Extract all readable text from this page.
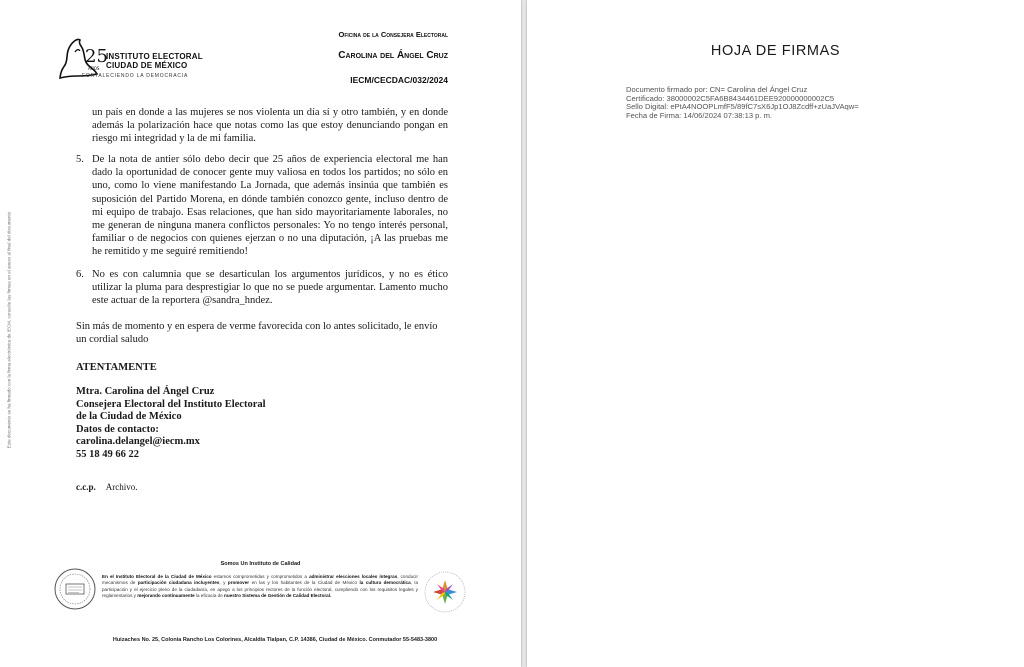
Este documento se ha firmado con la firma electrónica de IECM, consulte las firmas en el anexo al final del documento
25
AÑOS
INSTITUTO ELECTORAL
CIUDAD DE MÉXICO
FORTALECIENDO LA DEMOCRACIA
Oficina de la Consejera Electoral
Carolina del Ángel Cruz
IECM/CECDAC/032/2024

un país en donde a las mujeres se nos violenta un día sí y otro también, y en donde además la polarización hace que notas como las que estoy denunciando pongan en riesgo mi integridad y la de mi familia.

5. De la nota de antier sólo debo decir que 25 años de experiencia electoral me han dado la oportunidad de conocer gente muy valiosa en todos los partidos; no sólo en uno, como lo viene manifestando La Jornada, que además insinúa que también es suposición del Partido Morena, en dónde también conozco gente, incluso dentro de mi equipo de trabajo. Esas relaciones, que han sido mayoritariamente laborales, no me generan de ninguna manera conflictos personales: Yo no tengo interés personal, familiar o de negocios con quienes ejerzan o no una diputación, ¡A las pruebas me he remitido y me seguiré remitiendo!
6. No es con calumnia que se desarticulan los argumentos jurídicos, y no es ético utilizar la pluma para desprestigiar lo que no se puede argumentar. Lamento mucho este actuar de la reportera @sandra_hndez.
Sin más de momento y en espera de verme favorecida con lo antes solicitado, le envío un cordial saludo
ATENTAMENTE
Mtra. Carolina del Ángel Cruz
Consejera Electoral del Instituto Electoral
de la Ciudad de México
Datos de contacto:
carolina.delangel@iecm.mx
55 18 49 66 22
c.c.p. Archivo.
Somos Un Instituto de Calidad
En el Instituto Electoral de la Ciudad de México estamos comprometidas y comprometidos a administrar elecciones locales íntegras, conducir mecanismos de participación ciudadana incluyentes, y promover en las y los habitantes de la Ciudad de México la cultura democrática, la participación y el ejercicio pleno de la ciudadanía, en apego a los principios rectores de la función electoral, cumpliendo con los requisitos legales y reglamentarios y mejorando continuamente la eficacia de nuestro Sistema de Gestión de Calidad Electoral.
Huizaches No. 25, Colonia Rancho Los Colorines, Alcaldía Tlalpan, C.P. 14386, Ciudad de México. Conmutador 55-5483-3800
HOJA DE FIRMAS
Documento firmado por: CN= Carolina del Ángel Cruz
Certificado: 38000002C5FA6B8434461DEE920000000002C5
Sello Digital: ePtA4NOOPLmfF5/89fC7sX6Jp1OJ8Zcdff+zUaJVAqw=
Fecha de Firma: 14/06/2024 07:38:13 p. m.
